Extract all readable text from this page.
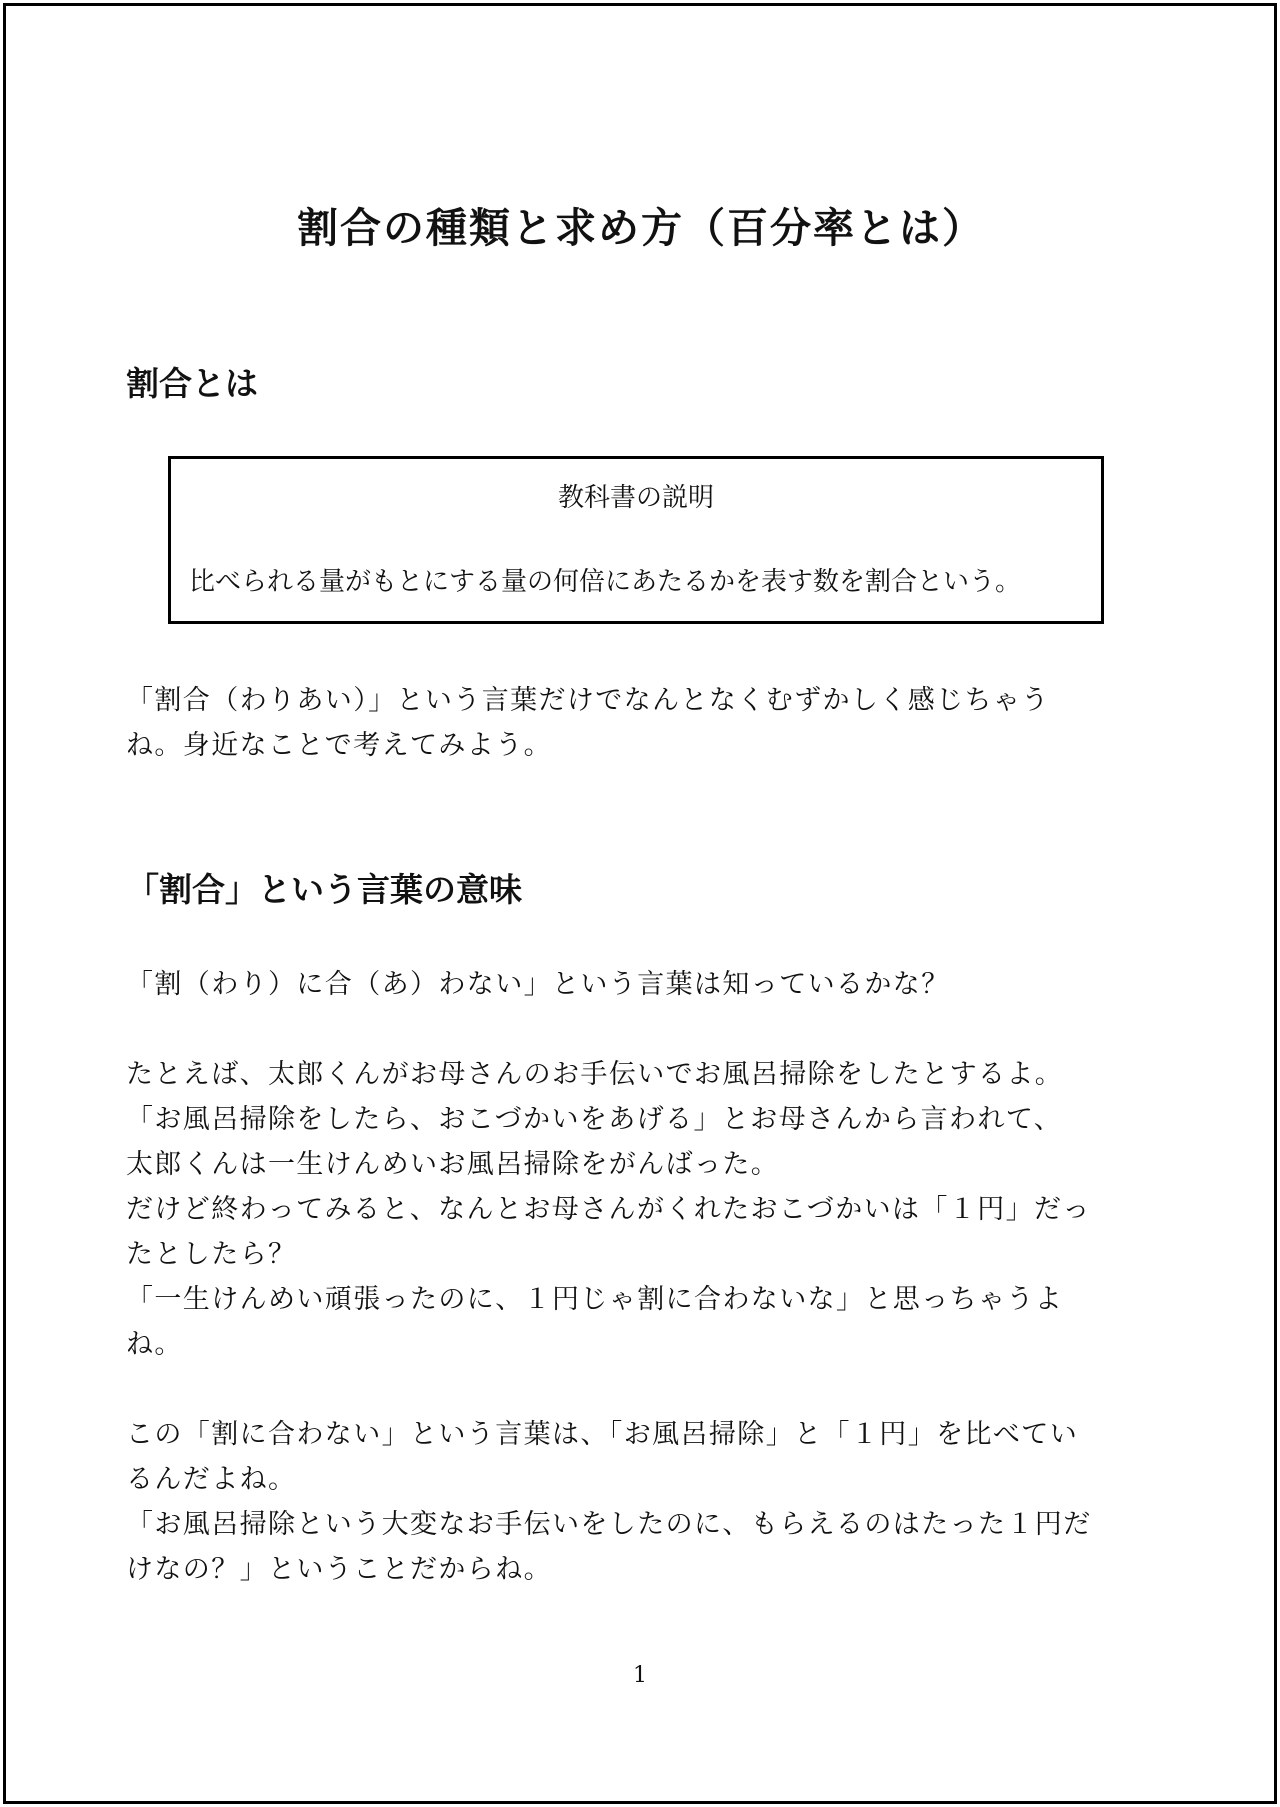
割合の種類と求め方（百分率とは）
割合とは
教科書の説明
比べられる量がもとにする量の何倍にあたるかを表す数を割合という。
「割合（わりあい）」という言葉だけでなんとなくむずかしく感じちゃう
ね。身近なことで考えてみよう。
「割合」という言葉の意味
「割（わり）に合（あ）わない」という言葉は知っているかな？
たとえば、太郎くんがお母さんのお手伝いでお風呂掃除をしたとするよ。
「お風呂掃除をしたら、おこづかいをあげる」とお母さんから言われて、
太郎くんは一生けんめいお風呂掃除をがんばった。
だけど終わってみると、なんとお母さんがくれたおこづかいは「１円」だっ
たとしたら？
「一生けんめい頑張ったのに、１円じゃ割に合わないな」と思っちゃうよ
ね。
この「割に合わない」という言葉は、「お風呂掃除」と「１円」を比べてい
るんだよね。
「お風呂掃除という大変なお手伝いをしたのに、もらえるのはたった１円だ
けなの？」ということだからね。
1
